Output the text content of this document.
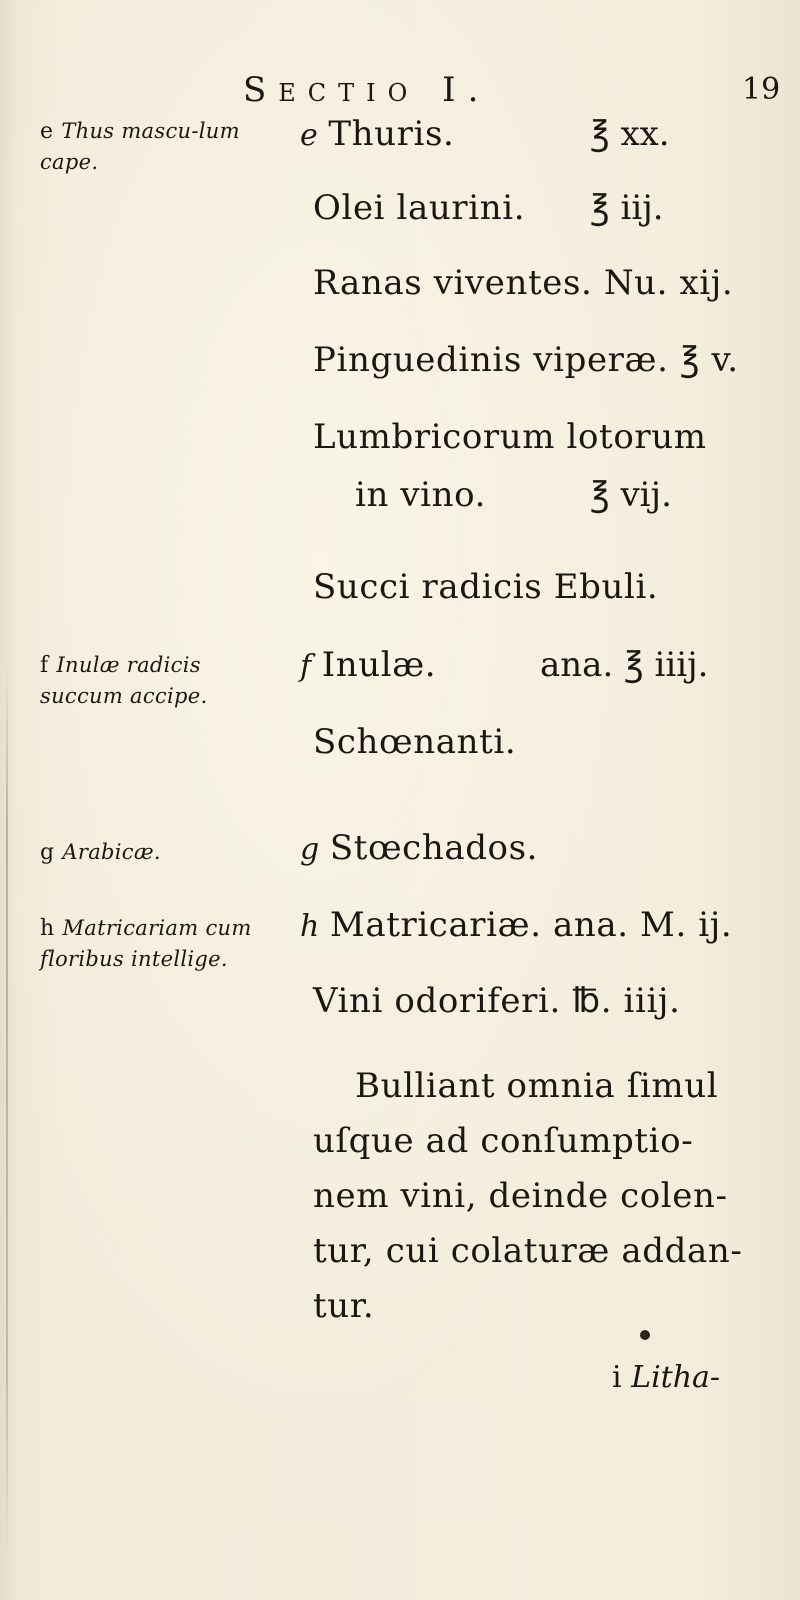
Sectio I.	19
e Thus mascu-lum cape.
f Inulæ radicis succum accipe.
g Arabicæ.
h Matricariam cum floribus intellige.
e Thuris.	℥ xx.
Olei laurini. ℥ iij.
Ranas viventes. Nu. xij.
Pinguedinis viperæ. ℥ v.
Lumbricorum lotorum
in vino.	℥ vij.
Succi radicis Ebuli.
f Inulæ.	ana. ℥ iiij.
Schœnanti.
g Stœchados.
h Matricariæ. ana. M. ij.
Vini odoriferi. ℔. iiij.
Bulliant omnia ſimul
uſque ad conſumptio-
nem vini, deinde colen-
tur, cui colaturæ addan-
tur.
i Litha-
